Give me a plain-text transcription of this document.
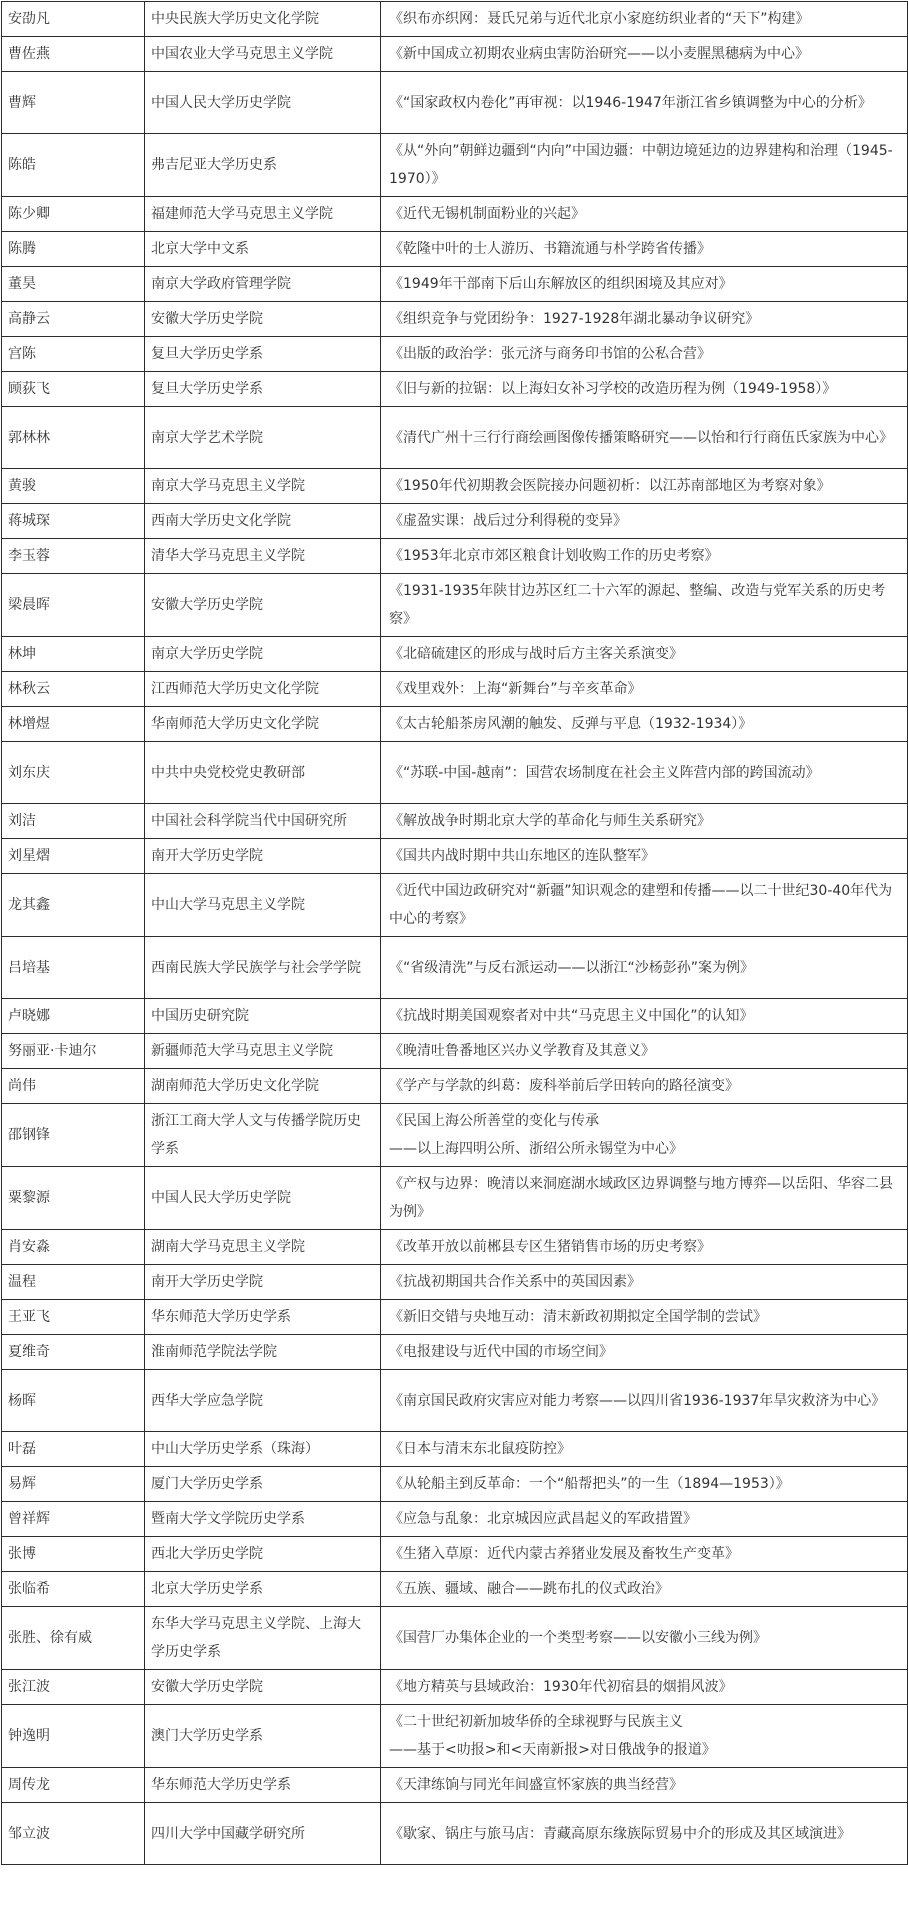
安劭凡	中央民族大学历史文化学院	《织布亦织网：聂氏兄弟与近代北京小家庭纺织业者的“天下”构建》
曹佐燕	中国农业大学马克思主义学院	《新中国成立初期农业病虫害防治研究——以小麦腥黑穗病为中心》
曹辉	中国人民大学历史学院	《“国家政权内卷化”再审视：以1946-1947年浙江省乡镇调整为中心的分析》
陈皓	弗吉尼亚大学历史系	《从“外向”朝鲜边疆到“内向”中国边疆：中朝边境延边的边界建构和治理（1945-1970）》
陈少卿	福建师范大学马克思主义学院	《近代无锡机制面粉业的兴起》
陈腾	北京大学中文系	《乾隆中叶的士人游历、书籍流通与朴学跨省传播》
董昊	南京大学政府管理学院	《1949年干部南下后山东解放区的组织困境及其应对》
高静云	安徽大学历史学院	《组织竞争与党团纷争：1927-1928年湖北暴动争议研究》
宫陈	复旦大学历史学系	《出版的政治学：张元济与商务印书馆的公私合营》
顾荻飞	复旦大学历史学系	《旧与新的拉锯：以上海妇女补习学校的改造历程为例（1949-1958）》
郭林林	南京大学艺术学院	《清代广州十三行行商绘画图像传播策略研究——以怡和行行商伍氏家族为中心》
黄骏	南京大学马克思主义学院	《1950年代初期教会医院接办问题初析：以江苏南部地区为考察对象》
蒋城琛	西南大学历史文化学院	《虚盈实课：战后过分利得税的变异》
李玉蓉	清华大学马克思主义学院	《1953年北京市郊区粮食计划收购工作的历史考察》
梁晨晖	安徽大学历史学院	《1931-1935年陕甘边苏区红二十六军的源起、整编、改造与党军关系的历史考察》
林坤	南京大学历史学院	《北碚硫建区的形成与战时后方主客关系演变》
林秋云	江西师范大学历史文化学院	《戏里戏外：上海“新舞台”与辛亥革命》
林增煜	华南师范大学历史文化学院	《太古轮船茶房风潮的触发、反弹与平息（1932-1934）》
刘东庆	中共中央党校党史教研部	《“苏联-中国-越南”：国营农场制度在社会主义阵营内部的跨国流动》
刘洁	中国社会科学院当代中国研究所	《解放战争时期北京大学的革命化与师生关系研究》
刘星熠	南开大学历史学院	《国共内战时期中共山东地区的连队整军》
龙其鑫	中山大学马克思主义学院	《近代中国边政研究对“新疆”知识观念的建塑和传播——以二十世纪30-40年代为中心的考察》
吕培基	西南民族大学民族学与社会学学院	《“省级清洗”与反右派运动——以浙江“沙杨彭孙”案为例》
卢晓娜	中国历史研究院	《抗战时期美国观察者对中共“马克思主义中国化”的认知》
努丽亚·卡迪尔	新疆师范大学马克思主义学院	《晚清吐鲁番地区兴办义学教育及其意义》
尚伟	湖南师范大学历史文化学院	《学产与学款的纠葛：废科举前后学田转向的路径演变》
邵钢锋	浙江工商大学人文与传播学院历史学系	《民国上海公所善堂的变化与传承
——以上海四明公所、浙绍公所永锡堂为中心》
粟黎源	中国人民大学历史学院	《产权与边界：晚清以来洞庭湖水域政区边界调整与地方博弈—以岳阳、华容二县为例》
肖安淼	湖南大学马克思主义学院	《改革开放以前郴县专区生猪销售市场的历史考察》
温程	南开大学历史学院	《抗战初期国共合作关系中的英国因素》
王亚飞	华东师范大学历史学系	《新旧交错与央地互动：清末新政初期拟定全国学制的尝试》
夏维奇	淮南师范学院法学院	《电报建设与近代中国的市场空间》
杨晖	西华大学应急学院	《南京国民政府灾害应对能力考察——以四川省1936-1937年旱灾救济为中心》
叶磊	中山大学历史学系（珠海）	《日本与清末东北鼠疫防控》
易辉	厦门大学历史学系	《从轮船主到反革命：一个“船帮把头”的一生（1894—1953）》
曾祥辉	暨南大学文学院历史学系	《应急与乱象：北京城因应武昌起义的军政措置》
张博	西北大学历史学院	《生猪入草原：近代内蒙古养猪业发展及畜牧生产变革》
张临希	北京大学历史学系	《五族、疆域、融合——跳布扎的仪式政治》
张胜、徐有威	东华大学马克思主义学院、上海大学历史学系	《国营厂办集体企业的一个类型考察——以安徽小三线为例》
张江波	安徽大学历史学院	《地方精英与县域政治：1930年代初宿县的烟捐风波》
钟逸明	澳门大学历史学系	《二十世纪初新加坡华侨的全球视野与民族主义
——基于<叻报>和<天南新报>对日俄战争的报道》
周传龙	华东师范大学历史学系	《天津练饷与同光年间盛宣怀家族的典当经营》
邹立波	四川大学中国藏学研究所	《歇家、锅庄与旅马店：青藏高原东缘族际贸易中介的形成及其区域演进》
